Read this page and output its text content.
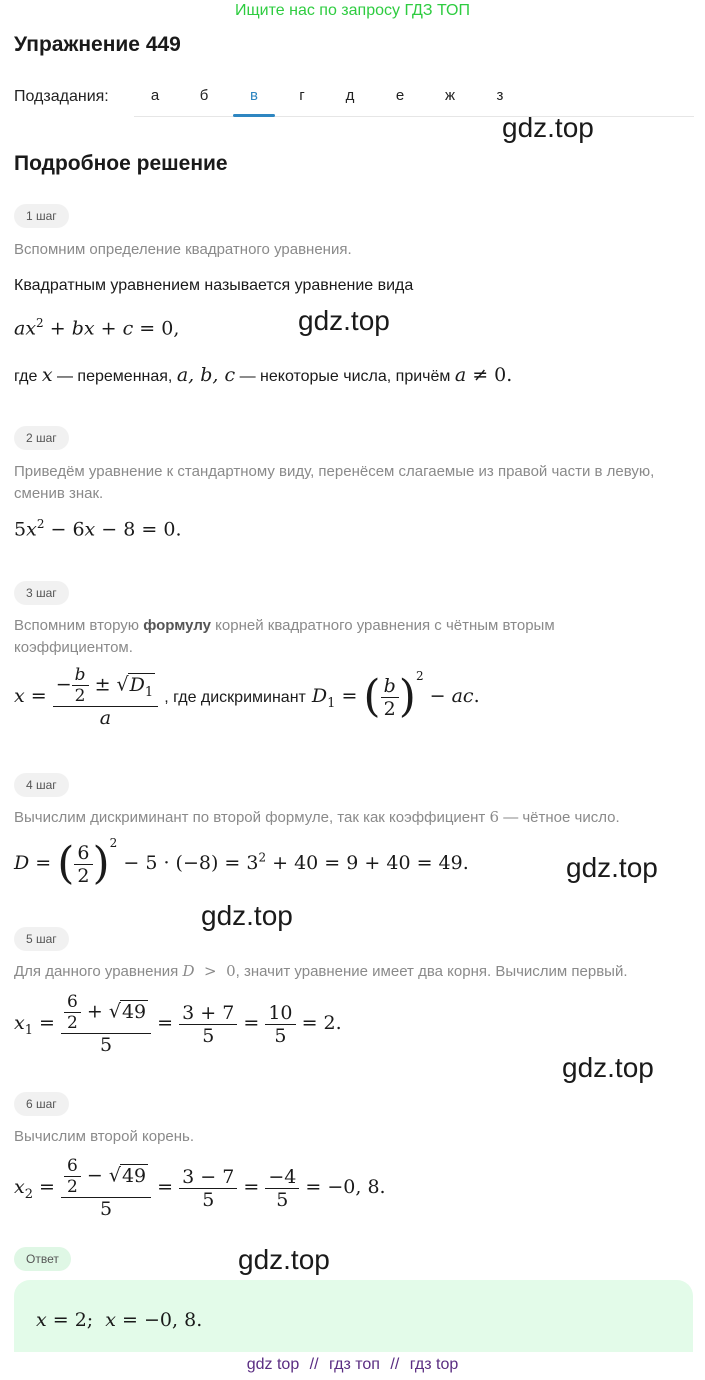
Ищите нас по запросу ГДЗ ТОП
Упражнение 449
Подзадания:	а	б	в	г	д	е	ж	з
gdz.top
Подробное решение
1 шаг
Вспомним определение квадратного уравнения.
Квадратным уравнением называется уравнение вида
$ax^2$ + bx + c = 0,	gdz.top
где x — переменная, a, b, c — некоторые числа, причём a ≠ 0.
2 шаг
Приведём уравнение к стандартному виду, перенёсем слагаемые из правой части в левую, сменив знак.
$5x^2 - 6x - 8 = 0$.
3 шаг
Вспомним вторую формулу корней квадратного уравнения с чётным вторым коэффициентом.
$x = \frac{- \frac{b}{2} \pm √D_1}{a}$ , где дискриминант $D_1$ = ( $\frac{b}{2} )^2$ − ac.
4 шаг
Вычислим дискриминант по второй формуле, так как коэффициент 6 — чётное число.
D = ( $\frac{6}{2} )^2 - 5 \cdot (-8) = 3^2 + 40 = 9 + 40 = 49$.	gdz.top
gdz.top
5 шаг
Для данного уравнения D  >  0, значит уравнение имеет два корня. Вычислим первый.
$x_1 = \frac{\frac{6}{2} + √49}{5} = \frac{3 + 7}{5} = \frac{10}{5} = 2$.
gdz.top
6 шаг
Вычислим второй корень.
$x_2 = \frac{\frac{6}{2} - √49}{5} = \frac{3 - 7}{5} = \frac{-4}{5} = -0$, 8.
Ответ	gdz.top
x = 2;  x = −0, 8.
gdz top // гдз топ // гдз top
